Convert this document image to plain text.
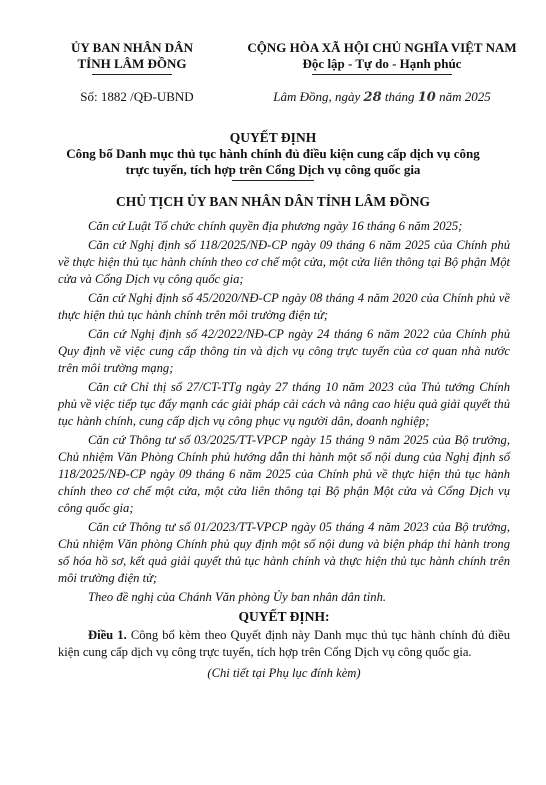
ỦY BAN NHÂN DÂN
TỈNH LÂM ĐỒNG
CỘNG HÒA XÃ HỘI CHỦ NGHĨA VIỆT NAM
Độc lập - Tự do - Hạnh phúc
Số: 1882 /QĐ-UBND	Lâm Đồng, ngày 28 tháng 10 năm 2025
QUYẾT ĐỊNH
Công bố Danh mục thủ tục hành chính đủ điều kiện cung cấp dịch vụ công
trực tuyến, tích hợp trên Cổng Dịch vụ công quốc gia
CHỦ TỊCH ỦY BAN NHÂN DÂN TỈNH LÂM ĐỒNG

Căn cứ Luật Tổ chức chính quyền địa phương ngày 16 tháng 6 năm 2025;

Căn cứ Nghị định số 118/2025/NĐ-CP ngày 09 tháng 6 năm 2025 của Chính phủ về thực hiện thủ tục hành chính theo cơ chế một cửa, một cửa liên thông tại Bộ phận Một cửa và Cổng Dịch vụ công quốc gia;

Căn cứ Nghị định số 45/2020/NĐ-CP ngày 08 tháng 4 năm 2020 của Chính phủ về thực hiện thủ tục hành chính trên môi trường điện tử;

Căn cứ Nghị định số 42/2022/NĐ-CP ngày 24 tháng 6 năm 2022 của Chính phủ Quy định về việc cung cấp thông tin và dịch vụ công trực tuyến của cơ quan nhà nước trên môi trường mạng;

Căn cứ Chỉ thị số 27/CT-TTg ngày 27 tháng 10 năm 2023 của Thủ tướng Chính phủ về việc tiếp tục đẩy mạnh các giải pháp cải cách và nâng cao hiệu quả giải quyết thủ tục hành chính, cung cấp dịch vụ công phục vụ người dân, doanh nghiệp;

Căn cứ Thông tư số 03/2025/TT-VPCP ngày 15 tháng 9 năm 2025 của Bộ trưởng, Chủ nhiệm Văn Phòng Chính phủ hướng dẫn thi hành một số nội dung của Nghị định số 118/2025/NĐ-CP ngày 09 tháng 6 năm 2025 của Chính phủ về thực hiện thủ tục hành chính theo cơ chế một cửa, một cửa liên thông tại Bộ phận Một cửa và Cổng Dịch vụ công quốc gia;

Căn cứ Thông tư số 01/2023/TT-VPCP ngày 05 tháng 4 năm 2023 của Bộ trưởng, Chủ nhiệm Văn phòng Chính phủ quy định một số nội dung và biện pháp thi hành trong số hóa hồ sơ, kết quả giải quyết thủ tục hành chính và thực hiện thủ tục hành chính trên môi trường điện tử;

Theo đề nghị của Chánh Văn phòng Ủy ban nhân dân tỉnh.

QUYẾT ĐỊNH:

Điều 1. Công bố kèm theo Quyết định này Danh mục thủ tục hành chính đủ điều kiện cung cấp dịch vụ công trực tuyến, tích hợp trên Cổng Dịch vụ công quốc gia.

(Chi tiết tại Phụ lục đính kèm)
